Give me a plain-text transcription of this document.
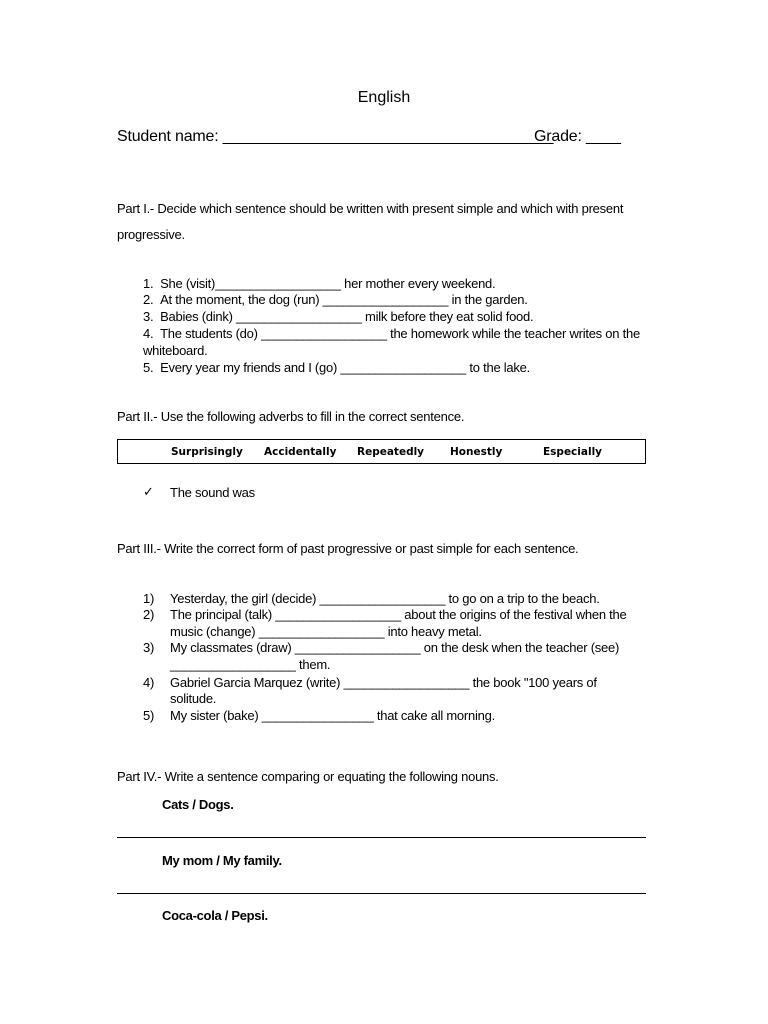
English
Student name: ______________________________________
Grade: ____
Part I.- Decide which sentence should be written with present simple and which with present
progressive.
1. She (visit)__________________ her mother every weekend.
2. At the moment, the dog (run) __________________ in the garden.
3. Babies (dink) __________________ milk before they eat solid food.
4. The students (do) __________________ the homework while the teacher writes on the
whiteboard.
5. Every year my friends and I (go) __________________ to the lake.
Part II.- Use the following adverbs to fill in the correct sentence.
Surprisingly Accidentally Repeatedly Honestly	Especially
✓ The sound was
Part III.- Write the correct form of past progressive or past simple for each sentence.
1) Yesterday, the girl (decide) __________________ to go on a trip to the beach.
2) The principal (talk) __________________ about the origins of the festival when the
music (change) __________________ into heavy metal.
3) My classmates (draw) __________________ on the desk when the teacher (see)
__________________ them.
4) Gabriel Garcia Marquez (write) __________________ the book "100 years of
solitude.
5) My sister (bake) ________________ that cake all morning.
Part IV.- Write a sentence comparing or equating the following nouns.
Cats / Dogs.
My mom / My family.
Coca-cola / Pepsi.
